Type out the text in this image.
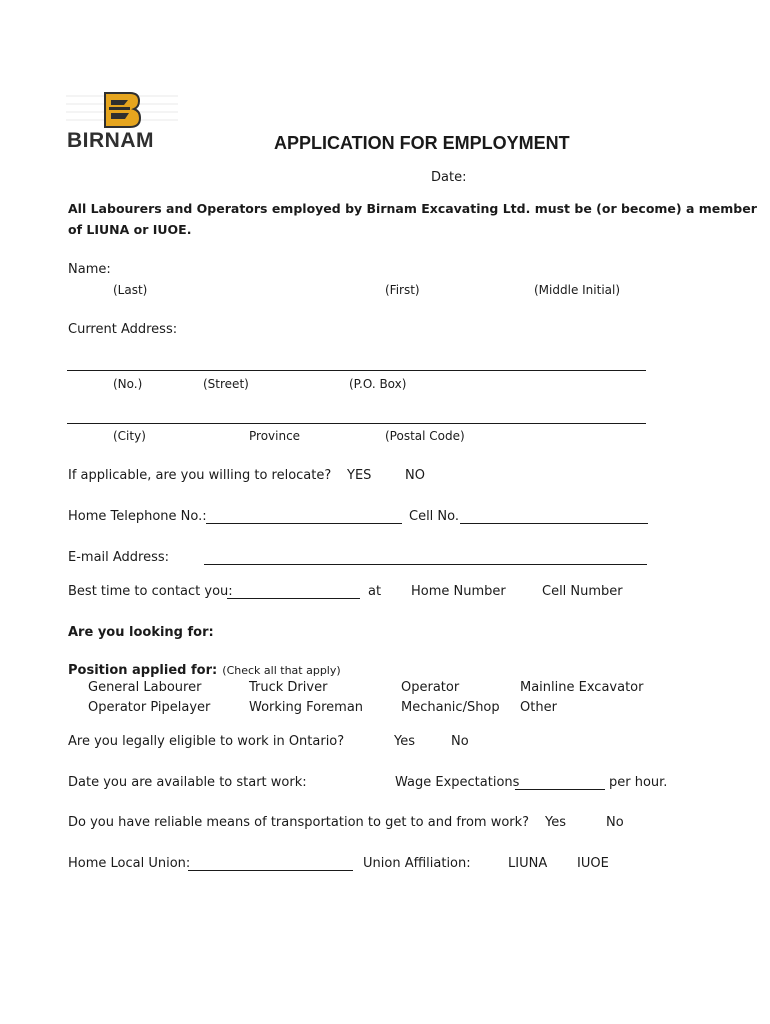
BIRNAM	APPLICATION FOR EMPLOYMENT
Date:
All Labourers and Operators employed by Birnam Excavating Ltd. must be (or become) a member
of LIUNA or IUOE.
Name:
(Last)	(First)	(Middle Initial)
Current Address:
(No.)	(Street)	(P.O. Box)
(City)	Province	(Postal Code)
If applicable, are you willing to relocate? YES	NO
Home Telephone No.:	Cell No.
E-mail Address:
Best time to contact you:	at Home Number	Cell Number
Are you looking for:
Position applied for: (Check all that apply)
General Labourer	Truck Driver	Operator	Mainline Excavator
Operator Pipelayer	Working Foreman	Mechanic/Shop Other
Are you legally eligible to work in Ontario?	Yes	No
Date you are available to start work:	Wage Expectations	per hour.
Do you have reliable means of transportation to get to and from work? Yes	No
Home Local Union:	Union Affiliation:	LIUNA IUOE
